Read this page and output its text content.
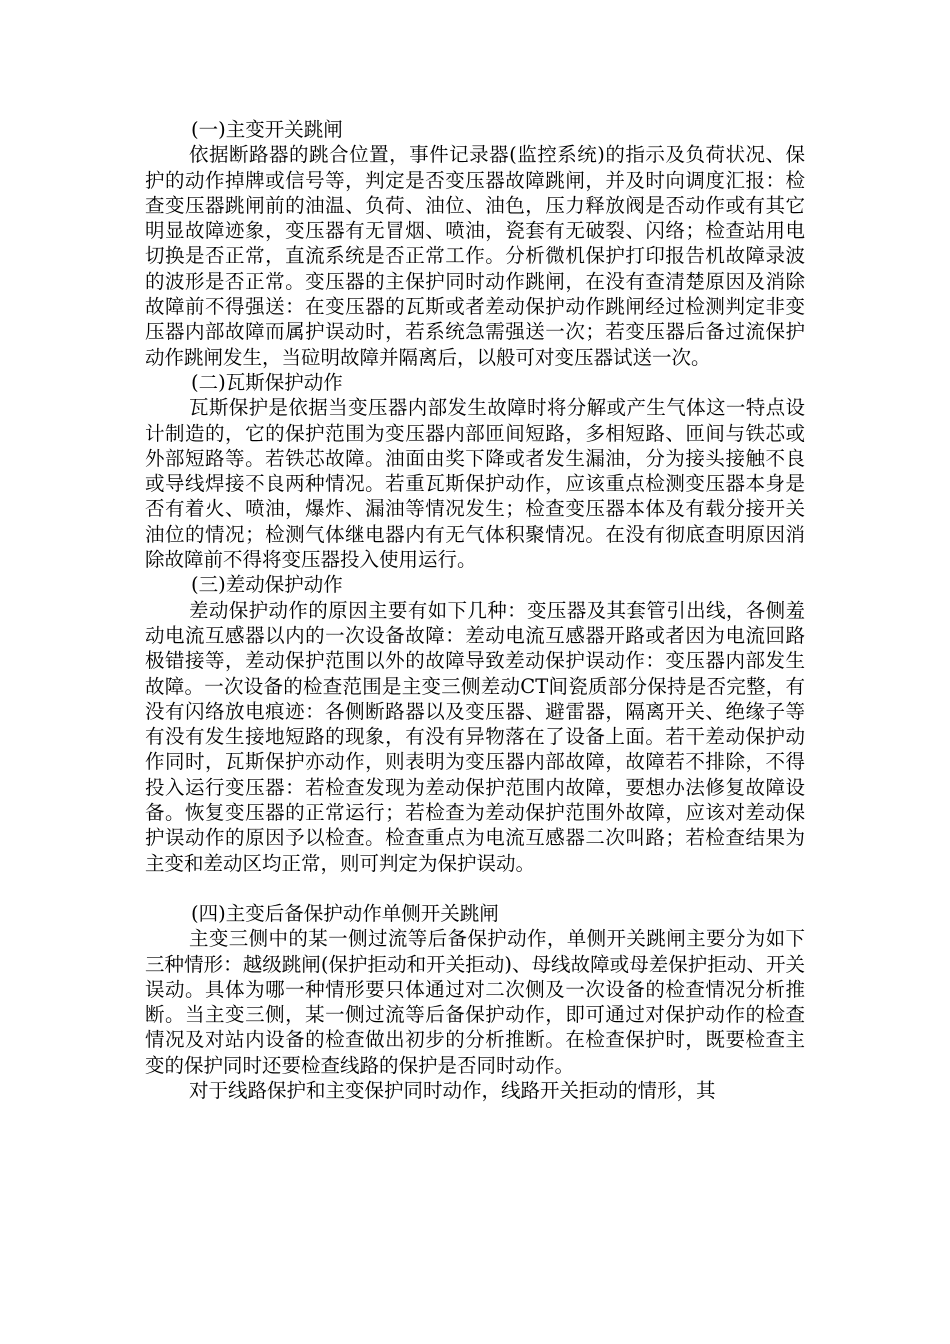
(一)主变开关跳闸

依据断路器的跳合位置，事件记录器(监控系统)的指示及负荷状况、保护的动作掉牌或信号等，判定是否变压器故障跳闸，并及时向调度汇报：检查变压器跳闸前的油温、负荷、油位、油色，压力释放阀是否动作或有其它明显故障迹象，变压器有无冒烟、喷油，瓷套有无破裂、闪络；检查站用电切换是否正常，直流系统是否正常工作。分析微机保护打印报告机故障录波的波形是否正常。变压器的主保护同时动作跳闸，在没有查清楚原因及消除故障前不得强送：在变压器的瓦斯或者差动保护动作跳闸经过检测判定非变压器内部故障而属护误动时，若系统急需强送一次；若变压器后备过流保护动作跳闸发生，当砬明故障并隔离后，以般可对变压器试送一次。

(二)瓦斯保护动作

瓦斯保护是依据当变压器内部发生故障时将分解或产生气体这一特点设计制造的，它的保护范围为变压器内部匝间短路，多相短路、匝间与铁芯或外部短路等。若铁芯故障。油面由奖下降或者发生漏油，分为接头接触不良或导线焊接不良两种情况。若重瓦斯保护动作，应该重点检测变压器本身是否有着火、喷油，爆炸、漏油等情况发生；检查变压器本体及有载分接开关油位的情况；检测气体继电器内有无气体积聚情况。在没有彻底查明原因消除故障前不得将变压器投入使用运行。

(三)差动保护动作

差动保护动作的原因主要有如下几种：变压器及其套管引出线，各侧羞动电流互感器以内的一次设备故障：差动电流互感器开路或者因为电流回路极错接等，差动保护范围以外的故障导致差动保护误动作：变压器内部发生故障。一次设备的检查范围是主变三侧差动CT间瓷质部分保持是否完整，有没有闪络放电痕迹：各侧断路器以及变压器、避雷器，隔离开关、绝缘子等有没有发生接地短路的现象，有没有异物落在了设备上面。若干差动保护动作同时，瓦斯保护亦动作，则表明为变压器内部故障，故障若不排除，不得投入运行变压器：若检查发现为差动保护范围内故障，要想办法修复故障设备。恢复变压器的正常运行；若检查为差动保护范围外故障，应该对差动保护误动作的原因予以检查。检查重点为电流互感器二次叫路；若检查结果为主变和差动区均正常，则可判定为保护误动。

(四)主变后备保护动作单侧开关跳闸

主变三侧中的某一侧过流等后备保护动作，单侧开关跳闸主要分为如下三种情形：越级跳闸(保护拒动和开关拒动)、母线故障或母差保护拒动、开关误动。具体为哪一种情形要只体通过对二次侧及一次设备的检查情况分析推断。当主变三侧，某一侧过流等后备保护动作，即可通过对保护动作的检查情况及对站内设备的检查做出初步的分析推断。在检查保护时，既要检查主变的保护同时还要检查线路的保护是否同时动作。

对于线路保护和主变保护同时动作，线路开关拒动的情形，其
